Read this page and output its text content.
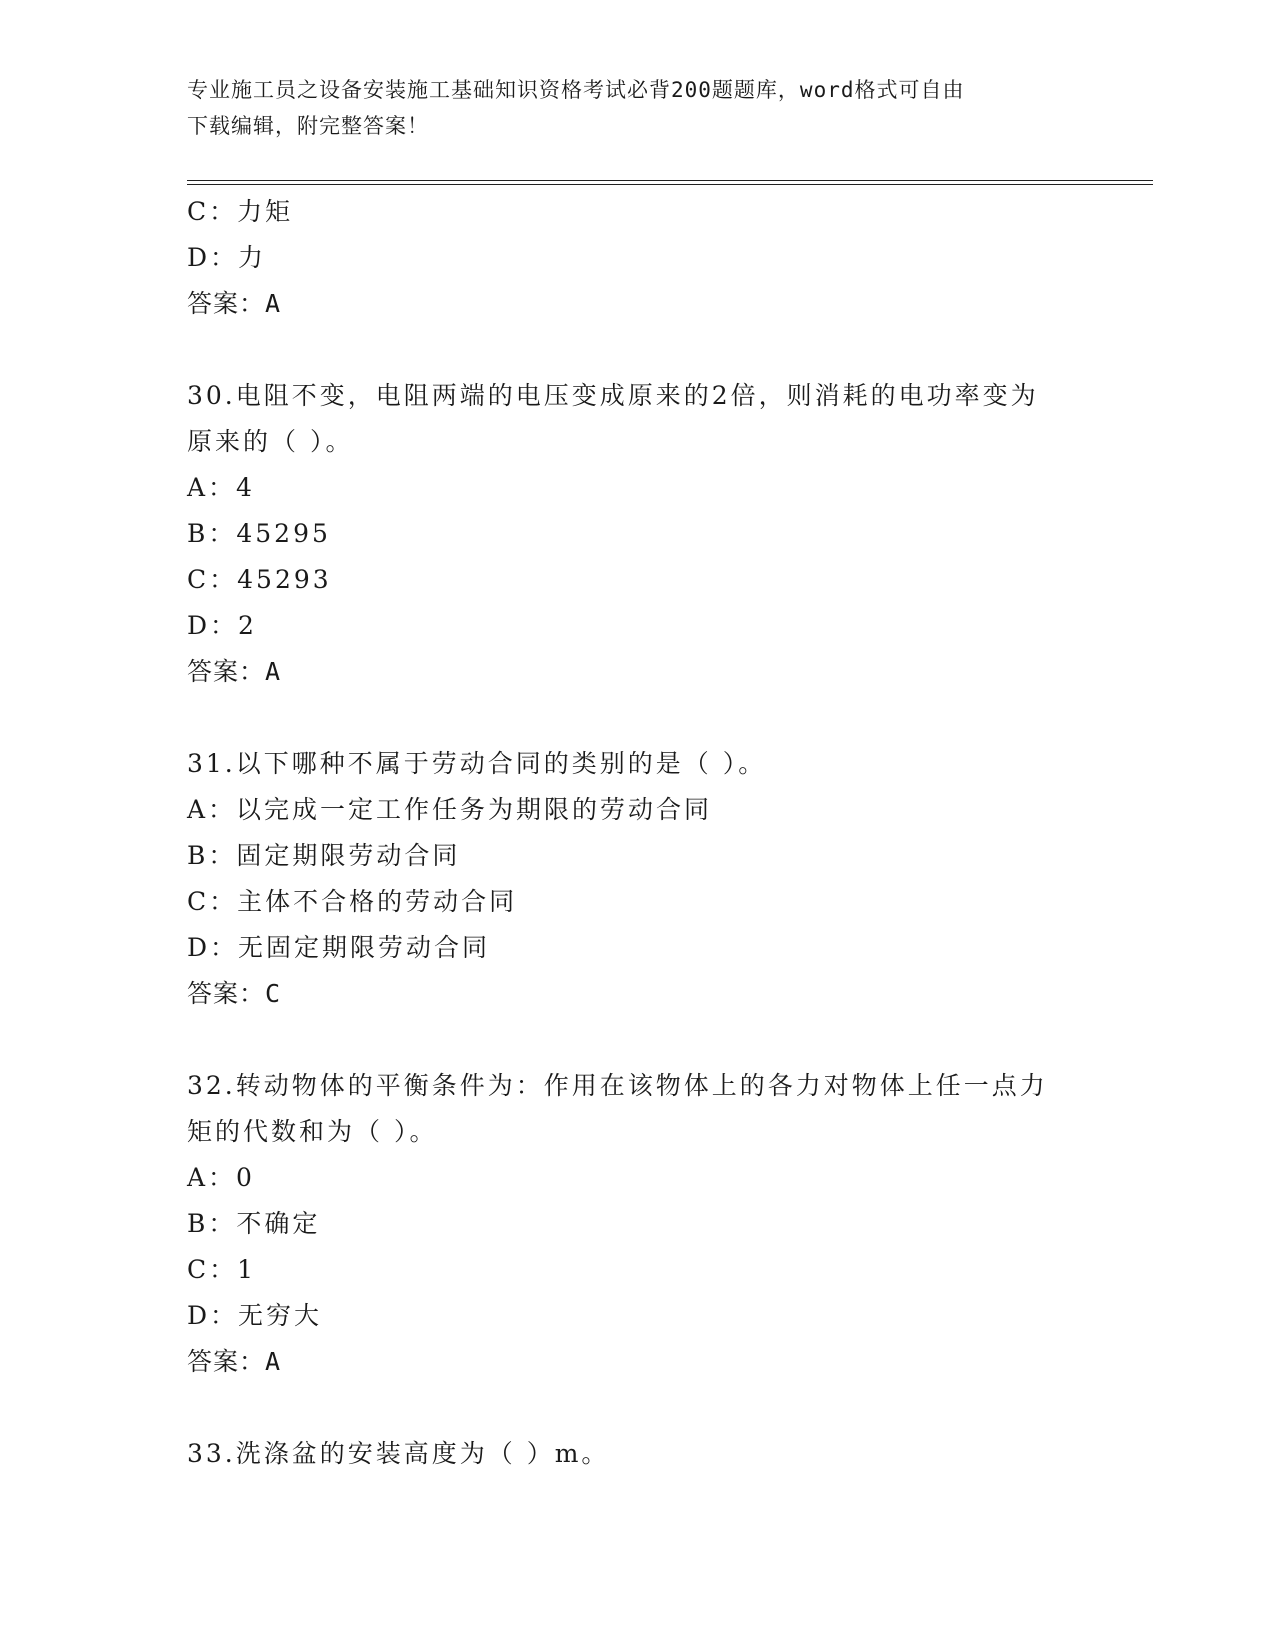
专业施工员之设备安装施工基础知识资格考试必背200题题库，word格式可自由
下载编辑，附完整答案！
C：力矩
D：力
答案：A
30.电阻不变，电阻两端的电压变成原来的2倍，则消耗的电功率变为
原来的（ ）。
A：4
B：45295
C：45293
D：2
答案：A
31.以下哪种不属于劳动合同的类别的是（ ）。
A：以完成一定工作任务为期限的劳动合同
B：固定期限劳动合同
C：主体不合格的劳动合同
D：无固定期限劳动合同
答案：C
32.转动物体的平衡条件为：作用在该物体上的各力对物体上任一点力
矩的代数和为（ ）。
A：0
B：不确定
C：1
D：无穷大
答案：A
33.洗涤盆的安装高度为（ ）m。
